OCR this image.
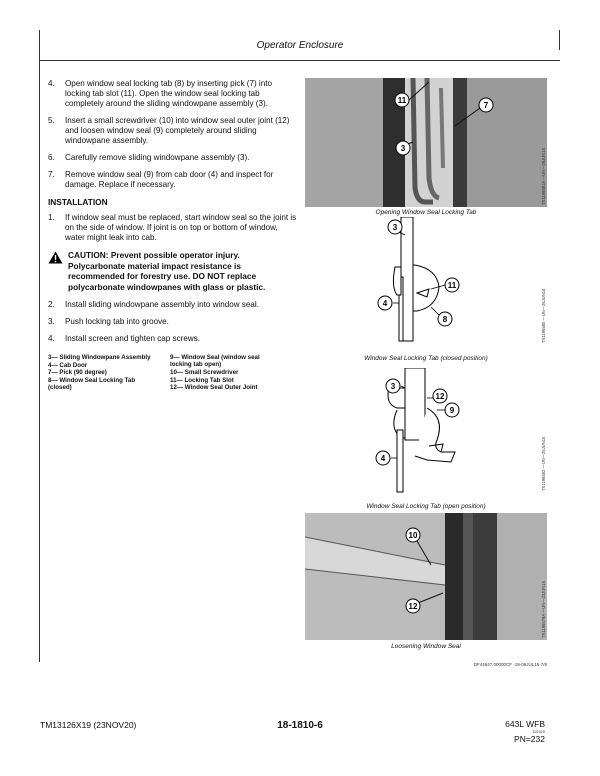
Operator Enclosure
4. Open window seal locking tab (8) by inserting pick (7) into locking tab slot (11). Open the window seal locking tab completely around the sliding windowpane assembly (3).
5. Insert a small screwdriver (10) into window seal outer joint (12) and loosen window seal (9) completely around sliding windowpane assembly.
6. Carefully remove sliding windowpane assembly (3).
7. Remove window seal (9) from cab door (4) and inspect for damage. Replace if necessary.
INSTALLATION
1. If window seal must be replaced, start window seal so the joint is on the side of window. If joint is on top or bottom of window, water might leak into cab.
CAUTION: Prevent possible operator injury. Polycarbonate material impact resistance is recommended for forestry use. DO NOT replace polycarbonate windowpanes with glass or plastic.
2. Install sliding windowpane assembly into window seal.
3. Push locking tab into groove.
4. Install screen and tighten cap screws.
3— Sliding Windowpane Assembly
4— Cab Door
7— Pick (90 degree)
8— Window Seal Locking Tab (closed)
9— Window Seal (window seal locking tab open)
10— Small Screwdriver
11— Locking Tab Slot
12— Window Seal Outer Joint
11
7
3
Opening Window Seal Locking Tab
TX1196581A —UN—26JUN15
3
11
4
8
Window Seal Locking Tab (closed position)
TX1196580 —UN—26JUN15
3
12
9
4
Window Seal Locking Tab (open position)
TX1196582 —UN—25JUN15
10
12
Loosening Window Seal
TX1196579A —UN—23JUN15
DF44647,00000CF -19-06JUL15-7/8
TM13126X19 (23NOV20)	18-1810-6	643L WFB
110320
PN=232
